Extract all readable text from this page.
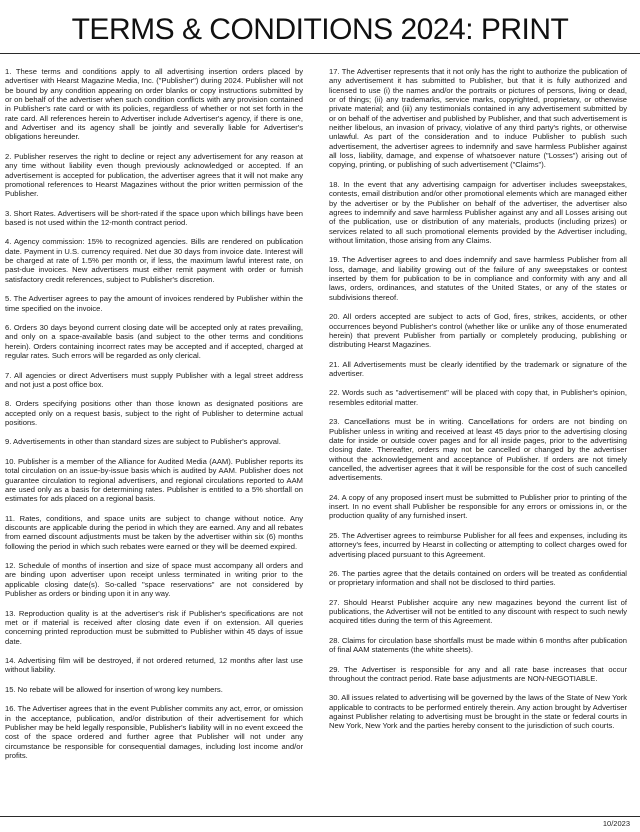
TERMS & CONDITIONS 2024: PRINT

1. These terms and conditions apply to all advertising insertion orders placed by advertiser with Hearst Magazine Media, Inc. ("Publisher") during 2024. Publisher will not be bound by any condition appearing on order blanks or copy instructions submitted by or on behalf of the advertiser when such condition conflicts with any provision contained in Publisher's rate card or with its policies, regardless of whether or not set forth in the rate card. All references herein to Advertiser include Advertiser's agency, if there is one, and Advertiser and its agency shall be jointly and severally liable for Advertiser's obligations hereunder.

2. Publisher reserves the right to decline or reject any advertisement for any reason at any time without liability even though previously acknowledged or accepted. If an advertisement is accepted for publication, the advertiser agrees that it will not make any promotional references to Hearst Magazines without the prior written permission of the Publisher.

3. Short Rates. Advertisers will be short-rated if the space upon which billings have been based is not used within the 12-month contract period.

4. Agency commission: 15% to recognized agencies. Bills are rendered on publication date. Payment in U.S. currency required. Net due 30 days from invoice date. Interest will be charged at rate of 1.5% per month or, if less, the maximum lawful interest rate, on past-due invoices. New advertisers must either remit payment with order or furnish satisfactory credit references, subject to Publisher's discretion.

5. The Advertiser agrees to pay the amount of invoices rendered by Publisher within the time specified on the invoice.

6. Orders 30 days beyond current closing date will be accepted only at rates prevailing, and only on a space-available basis (and subject to the other terms and conditions herein). Orders containing incorrect rates may be accepted and if accepted, charged at regular rates. Such errors will be regarded as only clerical.

7. All agencies or direct Advertisers must supply Publisher with a legal street address and not just a post office box.

8. Orders specifying positions other than those known as designated positions are accepted only on a request basis, subject to the right of Publisher to determine actual positions.

9. Advertisements in other than standard sizes are subject to Publisher's approval.

10. Publisher is a member of the Alliance for Audited Media (AAM). Publisher reports its total circulation on an issue-by-issue basis which is audited by AAM. Publisher does not guarantee circulation to regional advertisers, and regional circulations reported to AAM are used only as a basis for determining rates. Publisher is entitled to a 5% shortfall on estimates for ads placed on a regional basis.

11. Rates, conditions, and space units are subject to change without notice. Any discounts are applicable during the period in which they are earned. Any and all rebates from earned discount adjustments must be taken by the advertiser within six (6) months following the period in which such rebates were earned or they will be deemed expired.

12. Schedule of months of insertion and size of space must accompany all orders and are binding upon advertiser upon receipt unless terminated in writing prior to the applicable closing date(s). So-called "space reservations" are not considered by Publisher as orders or binding upon it in any way.

13. Reproduction quality is at the advertiser's risk if Publisher's specifications are not met or if material is received after closing date even if on extension. All queries concerning printed reproduction must be submitted to Publisher within 45 days of issue date.

14. Advertising film will be destroyed, if not ordered returned, 12 months after last use without liability.

15. No rebate will be allowed for insertion of wrong key numbers.

16. The Advertiser agrees that in the event Publisher commits any act, error, or omission in the acceptance, publication, and/or distribution of their advertisement for which Publisher may be held legally responsible, Publisher's liability will in no event exceed the cost of the space ordered and further agree that Publisher will not under any circumstance be responsible for consequential damages, including lost income and/or profits.

17. The Advertiser represents that it not only has the right to authorize the publication of any advertisement it has submitted to Publisher, but that it is fully authorized and licensed to use (i) the names and/or the portraits or pictures of persons, living or dead, or of things; (ii) any trademarks, service marks, copyrighted, proprietary, or otherwise private material; and (iii) any testimonials contained in any advertisement submitted by or on behalf of the advertiser and published by Publisher, and that such advertisement is neither libelous, an invasion of privacy, violative of any third party's rights, or otherwise unlawful. As part of the consideration and to induce Publisher to publish such advertisement, the advertiser agrees to indemnify and save harmless Publisher against all loss, liability, damage, and expense of whatsoever nature ("Losses") arising out of copying, printing, or publishing of such advertisement ("Claims").

18. In the event that any advertising campaign for advertiser includes sweepstakes, contests, email distribution and/or other promotional elements which are managed either by the advertiser or by the Publisher on behalf of the advertiser, the advertiser also agrees to indemnify and save harmless Publisher against any and all Losses arising out of the publication, use or distribution of any materials, products (including prizes) or services related to all such promotional elements provided by the Advertiser including, without limitation, those arising from any Claims.

19. The Advertiser agrees to and does indemnify and save harmless Publisher from all loss, damage, and liability growing out of the failure of any sweepstakes or contest inserted by them for publication to be in compliance and conformity with any and all laws, orders, ordinances, and statutes of the United States, or any of the states or subdivisions thereof.

20. All orders accepted are subject to acts of God, fires, strikes, accidents, or other occurrences beyond Publisher's control (whether like or unlike any of those enumerated herein) that prevent Publisher from partially or completely producing, publishing or distributing Hearst Magazines.

21. All Advertisements must be clearly identified by the trademark or signature of the advertiser.

22. Words such as "advertisement" will be placed with copy that, in Publisher's opinion, resembles editorial matter.

23. Cancellations must be in writing. Cancellations for orders are not binding on Publisher unless in writing and received at least 45 days prior to the advertising closing date for inside or outside cover pages and for all inside pages, prior to the advertising closing date. Thereafter, orders may not be cancelled or changed by the advertiser without the acknowledgement and acceptance of Publisher. If orders are not timely cancelled, the advertiser agrees that it will be responsible for the cost of such cancelled advertisements.

24. A copy of any proposed insert must be submitted to Publisher prior to printing of the insert. In no event shall Publisher be responsible for any errors or omissions in, or the production quality of any furnished insert.

25. The Advertiser agrees to reimburse Publisher for all fees and expenses, including its attorney's fees, incurred by Hearst in collecting or attempting to collect charges owed for advertising placed pursuant to this Agreement.

26. The parties agree that the details contained on orders will be treated as confidential or proprietary information and shall not be disclosed to third parties.

27. Should Hearst Publisher acquire any new magazines beyond the current list of publications, the Advertiser will not be entitled to any discount with respect to such newly acquired titles during the term of this Agreement.

28. Claims for circulation base shortfalls must be made within 6 months after publication of final AAM statements (the white sheets).

29. The Advertiser is responsible for any and all rate base increases that occur throughout the contract period. Rate base adjustments are NON-NEGOTIABLE.

30. All issues related to advertising will be governed by the laws of the State of New York applicable to contracts to be performed entirely therein. Any action brought by Advertiser against Publisher relating to advertising must be brought in the state or federal courts in New York, New York and the parties hereby consent to the jurisdiction of such courts.

10/2023
